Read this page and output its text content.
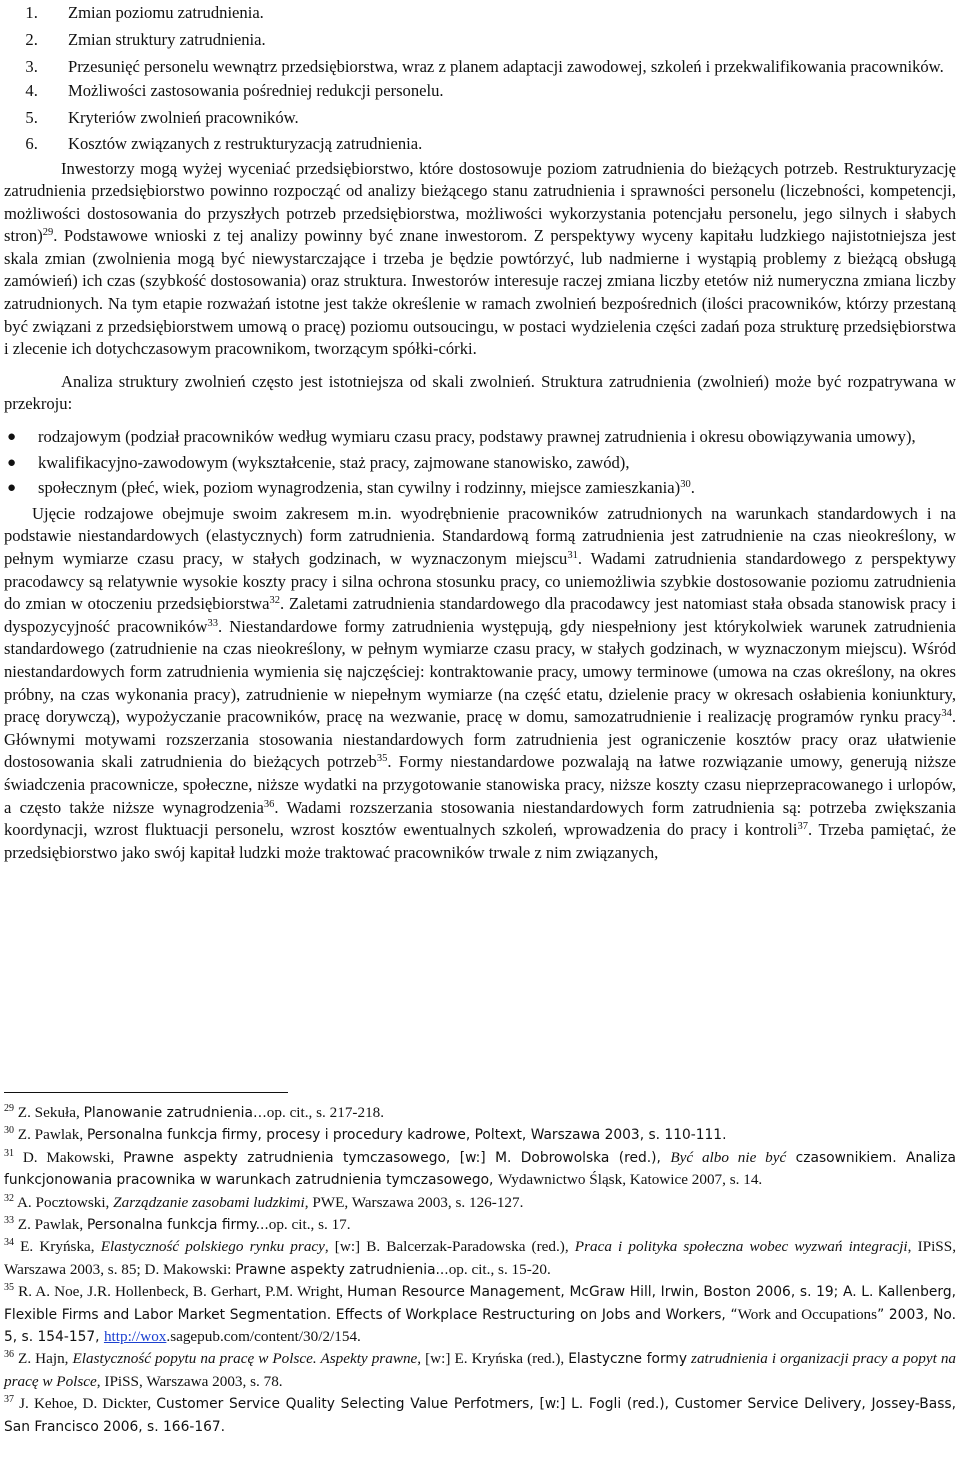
1. Zmian poziomu zatrudnienia.
2. Zmian struktury zatrudnienia.
3. Przesunięć personelu wewnątrz przedsiębiorstwa, wraz z planem adaptacji zawodowej, szkoleń i przekwalifikowania pracowników.
4. Możliwości zastosowania pośredniej redukcji personelu.
5. Kryteriów zwolnień pracowników.
6. Kosztów związanych z restrukturyzacją zatrudnienia.

Inwestorzy mogą wyżej wyceniać przedsiębiorstwo, które dostosowuje poziom zatrudnienia do bieżących potrzeb. Restrukturyzację zatrudnienia przedsiębiorstwo powinno rozpocząć od analizy bieżącego stanu zatrudnienia i sprawności personelu (liczebności, kompetencji, możliwości dostosowania do przyszłych potrzeb przedsiębiorstwa, możliwości wykorzystania potencjału personelu, jego silnych i słabych stron)$^{29}$. Podstawowe wnioski z tej analizy powinny być znane inwestorom. Z perspektywy wyceny kapitału ludzkiego najistotniejsza jest skala zmian (zwolnienia mogą być niewystarczające i trzeba je będzie powtórzyć, lub nadmierne i wystąpią problemy z bieżącą obsługą zamówień) ich czas (szybkość dostosowania) oraz struktura. Inwestorów interesuje raczej zmiana liczby etetów niż numeryczna zmiana liczby zatrudnionych. Na tym etapie rozważań istotne jest także określenie w ramach zwolnień bezpośrednich (ilości pracowników, którzy przestaną być związani z przedsiębiorstwem umową o pracę) poziomu outsoucingu, w postaci wydzielenia części zadań poza strukturę przedsiębiorstwa i zlecenie ich dotychczasowym pracownikom, tworzącym spółki-córki.

Analiza struktury zwolnień często jest istotniejsza od skali zwolnień. Struktura zatrudnienia (zwolnień) może być rozpatrywana w przekroju:

● rodzajowym (podział pracowników według wymiaru czasu pracy, podstawy prawnej zatrudnienia i okresu obowiązywania umowy),
● kwalifikacyjno-zawodowym (wykształcenie, staż pracy, zajmowane stanowisko, zawód),
● społecznym (płeć, wiek, poziom wynagrodzenia, stan cywilny i rodzinny, miejsce zamieszkania)$^{30}$.

Ujęcie rodzajowe obejmuje swoim zakresem m.in. wyodrębnienie pracowników zatrudnionych na warunkach standardowych i na podstawie niestandardowych (elastycznych) form zatrudnienia. Standardową formą zatrudnienia jest zatrudnienie na czas nieokreślony, w pełnym wymiarze czasu pracy, w stałych godzinach, w wyznaczonym miejscu$^{31}$. Wadami zatrudnienia standardowego z perspektywy pracodawcy są relatywnie wysokie koszty pracy i silna ochrona stosunku pracy, co uniemożliwia szybkie dostosowanie poziomu zatrudnienia do zmian w otoczeniu przedsiębiorstwa$^{32}$. Zaletami zatrudnienia standardowego dla pracodawcy jest natomiast stała obsada stanowisk pracy i dyspozycyjność pracowników$^{33}$. Niestandardowe formy zatrudnienia występują, gdy niespełniony jest którykolwiek warunek zatrudnienia standardowego (zatrudnienie na czas nieokreślony, w pełnym wymiarze czasu pracy, w stałych godzinach, w wyznaczonym miejscu). Wśród niestandardowych form zatrudnienia wymienia się najczęściej: kontraktowanie pracy, umowy terminowe (umowa na czas określony, na okres próbny, na czas wykonania pracy), zatrudnienie w niepełnym wymiarze (na część etatu, dzielenie pracy w okresach osłabienia koniunktury, pracę dorywczą), wypożyczanie pracowników, pracę na wezwanie, pracę w domu, samozatrudnienie i realizację programów rynku pracy$^{34}$. Głównymi motywami rozszerzania stosowania niestandardowych form zatrudnienia jest ograniczenie kosztów pracy oraz ułatwienie dostosowania skali zatrudnienia do bieżących potrzeb$^{35}$. Formy niestandardowe pozwalają na łatwe rozwiązanie umowy, generują niższe świadczenia pracownicze, społeczne, niższe wydatki na przygotowanie stanowiska pracy, niższe koszty czasu nieprzepracowanego i urlopów, a często także niższe wynagrodzenia$^{36}$. Wadami rozszerzania stosowania niestandardowych form zatrudnienia są: potrzeba zwiększania koordynacji, wzrost fluktuacji personelu, wzrost kosztów ewentualnych szkoleń, wprowadzenia do pracy i kontroli$^{37}$. Trzeba pamiętać, że przedsiębiorstwo jako swój kapitał ludzki może traktować pracowników trwale z nim związanych,

$^{29}$ Z. Sekuła, Planowanie zatrudnienia…op. cit., s. 217-218.

$^{30}$ Z. Pawlak, Personalna funkcja firmy, procesy i procedury kadrowe, Poltext, Warszawa 2003, s. 110-111.

$^{31}$ D. Makowski, Prawne aspekty zatrudnienia tymczasowego, [w:] M. Dobrowolska (red.), Być albo nie być czasownikiem. Analiza funkcjonowania pracownika w warunkach zatrudnienia tymczasowego, Wydawnictwo Śląsk, Katowice 2007, s. 14.

$^{32}$ A. Pocztowski, Zarządzanie zasobami ludzkimi, PWE, Warszawa 2003, s. 126-127.

$^{33}$ Z. Pawlak, Personalna funkcja firmy...op. cit., s. 17.

$^{34}$ E. Kryńska, Elastyczność polskiego rynku pracy, [w:] B. Balcerzak-Paradowska (red.), Praca i polityka społeczna wobec wyzwań integracji, IPiSS, Warszawa 2003, s. 85; D. Makowski: Prawne aspekty zatrudnienia...op. cit., s. 15-20.

$^{35}$ R. A. Noe, J.R. Hollenbeck, B. Gerhart, P.M. Wright, Human Resource Management, McGraw Hill, Irwin, Boston 2006, s. 19; A. L. Kallenberg, Flexible Firms and Labor Market Segmentation. Effects of Workplace Restructuring on Jobs and Workers, “Work and Occupations” 2003, No. 5, s. 154-157, http://wox.sagepub.com/content/30/2/154.

$^{36}$ Z. Hajn, Elastyczność popytu na pracę w Polsce. Aspekty prawne, [w:] E. Kryńska (red.), Elastyczne formy zatrudnienia i organizacji pracy a popyt na pracę w Polsce, IPiSS, Warszawa 2003, s. 78.

$^{37}$ J. Kehoe, D. Dickter, Customer Service Quality Selecting Value Perfotmers, [w:] L. Fogli (red.), Customer Service Delivery, Jossey-Bass, San Francisco 2006, s. 166-167.
